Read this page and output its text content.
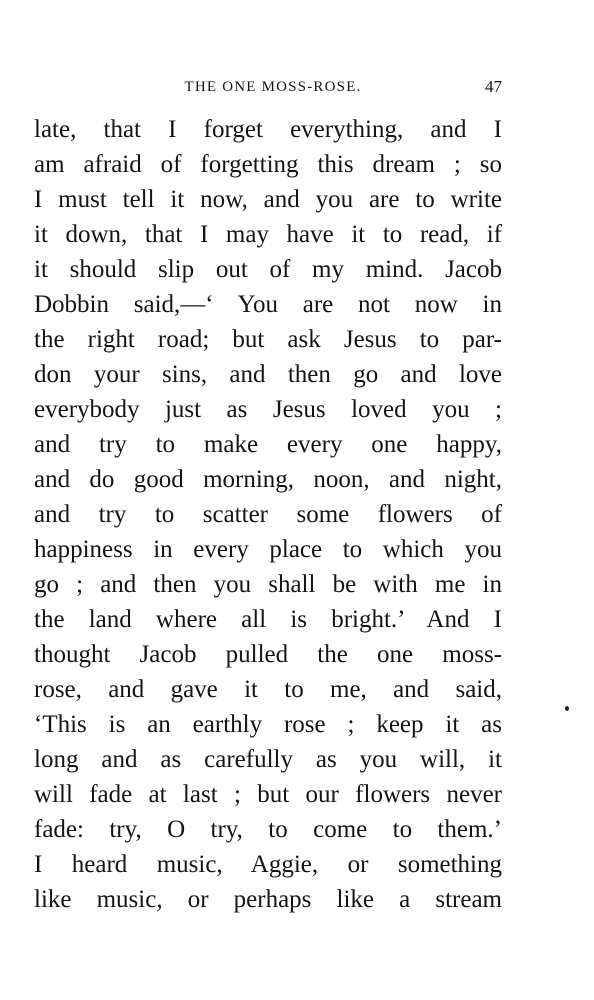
THE ONE MOSS-ROSE.	47
late, that I forget everything, and I
am afraid of forgetting this dream ; so
I must tell it now, and you are to write
it down, that I may have it to read, if
it should slip out of my mind. Jacob
Dobbin said,—‘ You are not now in
the right road; but ask Jesus to par-
don your sins, and then go and love
everybody just as Jesus loved you ;
and try to make every one happy,
and do good morning, noon, and night,
and try to scatter some flowers of
happiness in every place to which you
go ; and then you shall be with me in
the land where all is bright.’ And I
thought Jacob pulled the one moss-
rose, and gave it to me, and said,
‘This is an earthly rose ; keep it as
long and as carefully as you will, it
will fade at last ; but our flowers never
fade: try, O try, to come to them.’
I heard music, Aggie, or something
like music, or perhaps like a stream
